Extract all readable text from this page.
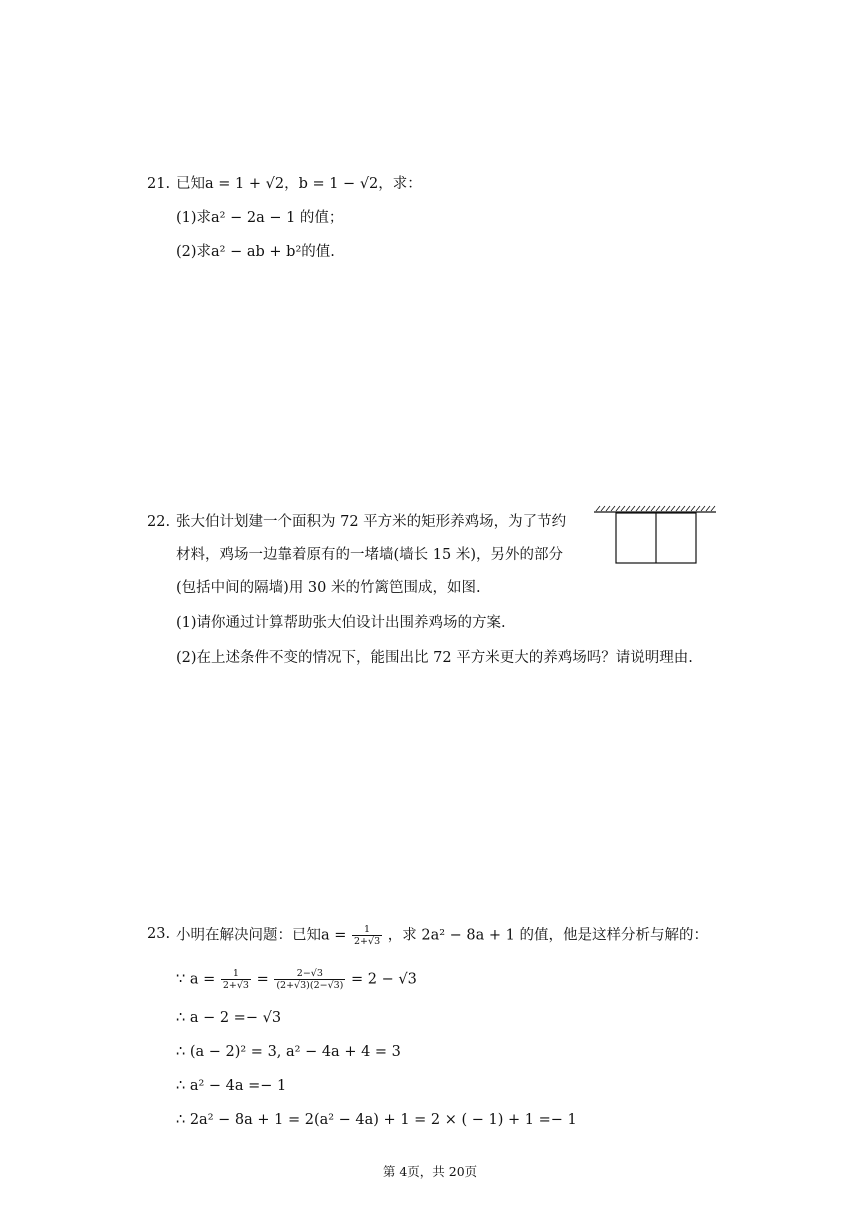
21. 已知a = 1 + √2，b = 1 − √2，求：
(1)求a² − 2a − 1 的值；
(2)求a² − ab + b²的值.
22. 张大伯计划建一个面积为 72 平方米的矩形养鸡场，为了节约
材料，鸡场一边靠着原有的一堵墙(墙长 15 米)，另外的部分
(包括中间的隔墙)用 30 米的竹篱笆围成，如图.
(1)请你通过计算帮助张大伯设计出围养鸡场的方案.
(2)在上述条件不变的情况下，能围出比 72 平方米更大的养鸡场吗？请说明理由.
23. 小明在解决问题：已知$a = \frac{1}{2+√3}$ ，求 2a² − 8a + 1 的值，他是这样分析与解的：
∵ $a = \frac{1}{2+√3} = \frac{2-√3}{(2+√3)(2-√3)} = 2 - √3$
∴ a − 2 =− √3
∴ (a − 2)² = 3, a² − 4a + 4 = 3
∴ a² − 4a =− 1
∴ 2a² − 8a + 1 = 2(a² − 4a) + 1 = 2 × ( − 1) + 1 =− 1
第 4页，共 20页
